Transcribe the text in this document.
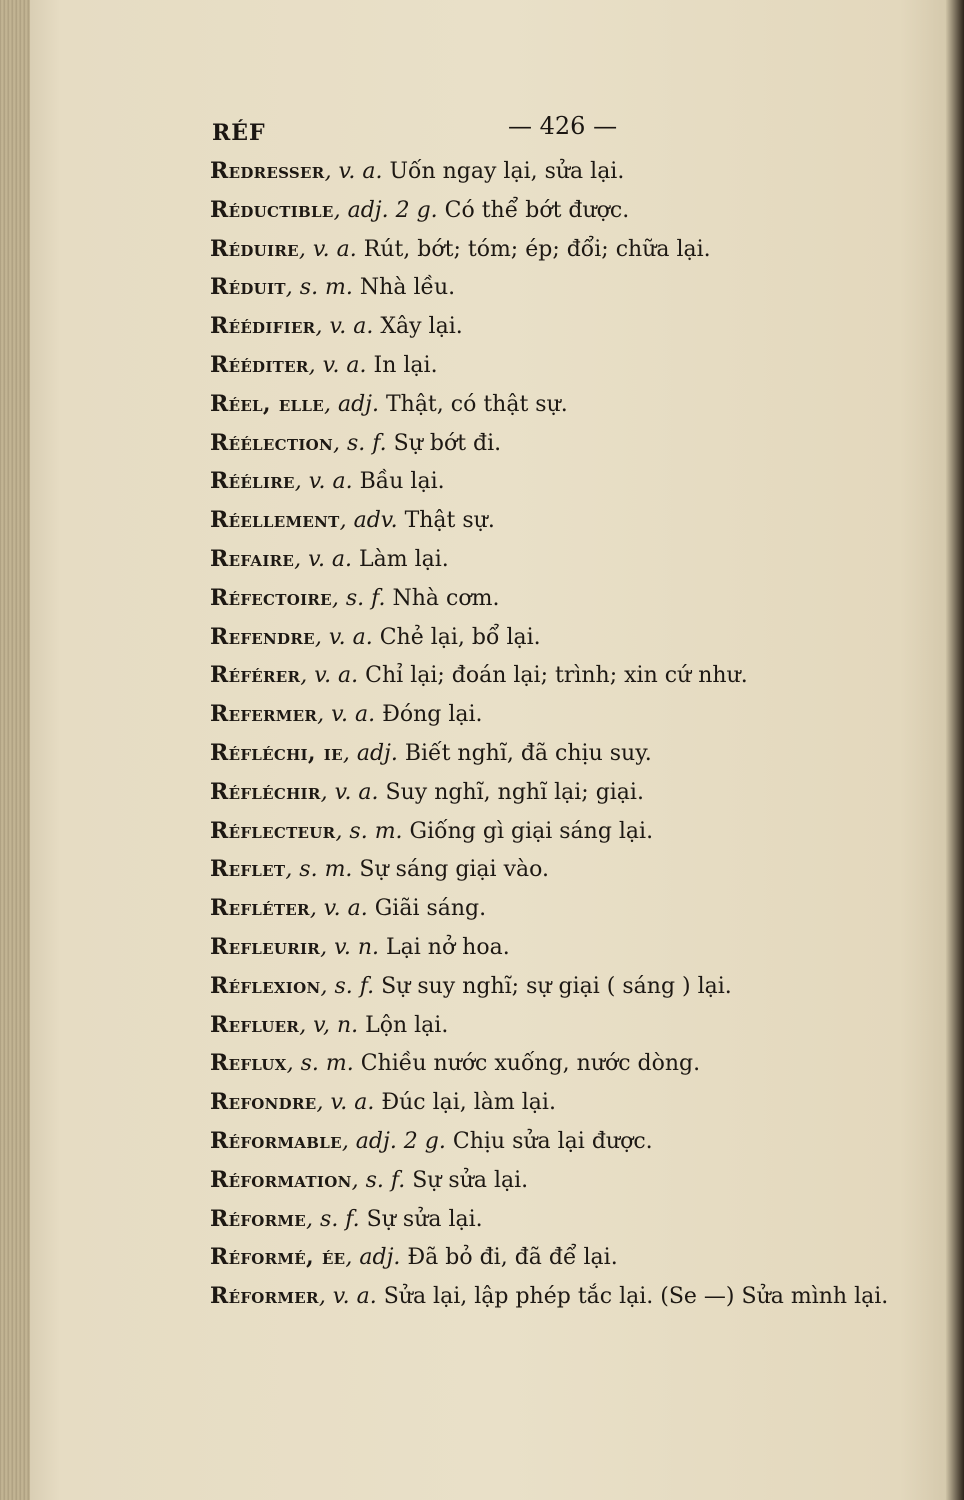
RÉF	— 426 —
Redresser, v. a. Uốn ngay lại, sửa lại.
Réductible, adj. 2 g. Có thể bớt được.
Réduire, v. a. Rút, bớt; tóm; ép; đổi; chữa lại.
Réduit, s. m. Nhà lều.
Réédifier, v. a. Xây lại.
Rééditer, v. a. In lại.
Réel, elle, adj. Thật, có thật sự.
Réélection, s. f. Sự bớt đi.
Réélire, v. a. Bầu lại.
Réellement, adv. Thật sự.
Refaire, v. a. Làm lại.
Réfectoire, s. f. Nhà cơm.
Refendre, v. a. Chẻ lại, bổ lại.
Référer, v. a. Chỉ lại; đoán lại; trình; xin cứ như.
Refermer, v. a. Đóng lại.
Réfléchi, ie, adj. Biết nghĩ, đã chịu suy.
Réfléchir, v. a. Suy nghĩ, nghĩ lại; giại.
Réflecteur, s. m. Giống gì giại sáng lại.
Reflet, s. m. Sự sáng giại vào.
Refléter, v. a. Giãi sáng.
Refleurir, v. n. Lại nở hoa.
Réflexion, s. f. Sự suy nghĩ; sự giại ( sáng ) lại.
Refluer, v, n. Lộn lại.
Reflux, s. m. Chiều nước xuống, nước dòng.
Refondre, v. a. Đúc lại, làm lại.
Réformable, adj. 2 g. Chịu sửa lại được.
Réformation, s. f. Sự sửa lại.
Réforme, s. f. Sự sửa lại.
Réformé, ée, adj. Đã bỏ đi, đã để lại.
Réformer, v. a. Sửa lại, lập phép tắc lại. (Se —) Sửa mình lại.
